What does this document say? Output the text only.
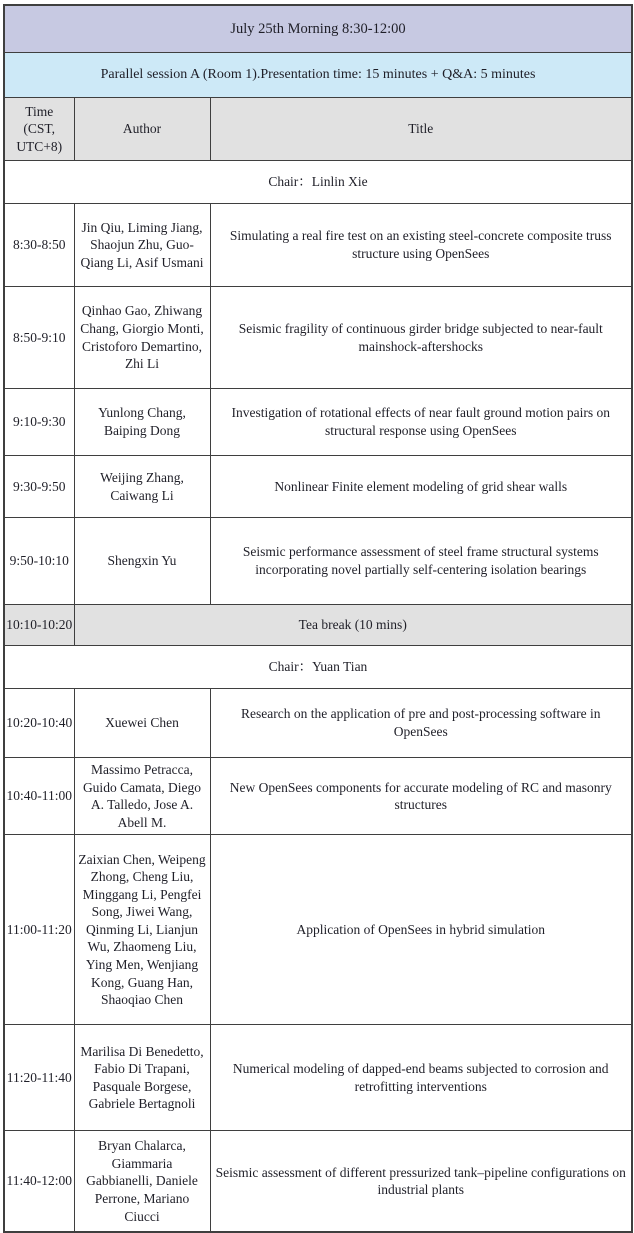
July 25th Morning 8:30-12:00		
Parallel session A (Room 1).Presentation time: 15 minutes + Q&A: 5 minutes		
Time (CST, UTC+8)	Author	Title
Chair：Linlin Xie		
8:30-8:50	Jin Qiu, Liming Jiang, Shaojun Zhu, Guo-Qiang Li, Asif Usmani	Simulating a real fire test on an existing steel-concrete composite truss structure using OpenSees
8:50-9:10	Qinhao Gao, Zhiwang Chang, Giorgio Monti, Cristoforo Demartino, Zhi Li	Seismic fragility of continuous girder bridge subjected to near-fault mainshock-aftershocks
9:10-9:30	Yunlong Chang, Baiping Dong	Investigation of rotational effects of near fault ground motion pairs on structural response using OpenSees
9:30-9:50	Weijing Zhang, Caiwang Li	Nonlinear Finite element modeling of grid shear walls
9:50-10:10	Shengxin Yu	Seismic performance assessment of steel frame structural systems incorporating novel partially self-centering isolation bearings
10:10-10:20	Tea break (10 mins)	
Chair：Yuan Tian		
10:20-10:40	Xuewei Chen	Research on the application of pre and post-processing software in OpenSees
10:40-11:00	Massimo Petracca, Guido Camata, Diego A. Talledo, Jose A. Abell M.	New OpenSees components for accurate modeling of RC and masonry structures
11:00-11:20	Zaixian Chen, Weipeng Zhong, Cheng Liu, Minggang Li, Pengfei Song, Jiwei Wang, Qinming Li, Lianjun Wu, Zhaomeng Liu, Ying Men, Wenjiang Kong, Guang Han, Shaoqiao Chen	Application of OpenSees in hybrid simulation
11:20-11:40	Marilisa Di Benedetto, Fabio Di Trapani, Pasquale Borgese, Gabriele Bertagnoli	Numerical modeling of dapped-end beams subjected to corrosion and retrofitting interventions
11:40-12:00	Bryan Chalarca, Giammaria Gabbianelli, Daniele Perrone, Mariano Ciucci	Seismic assessment of different pressurized tank–pipeline configurations on industrial plants
